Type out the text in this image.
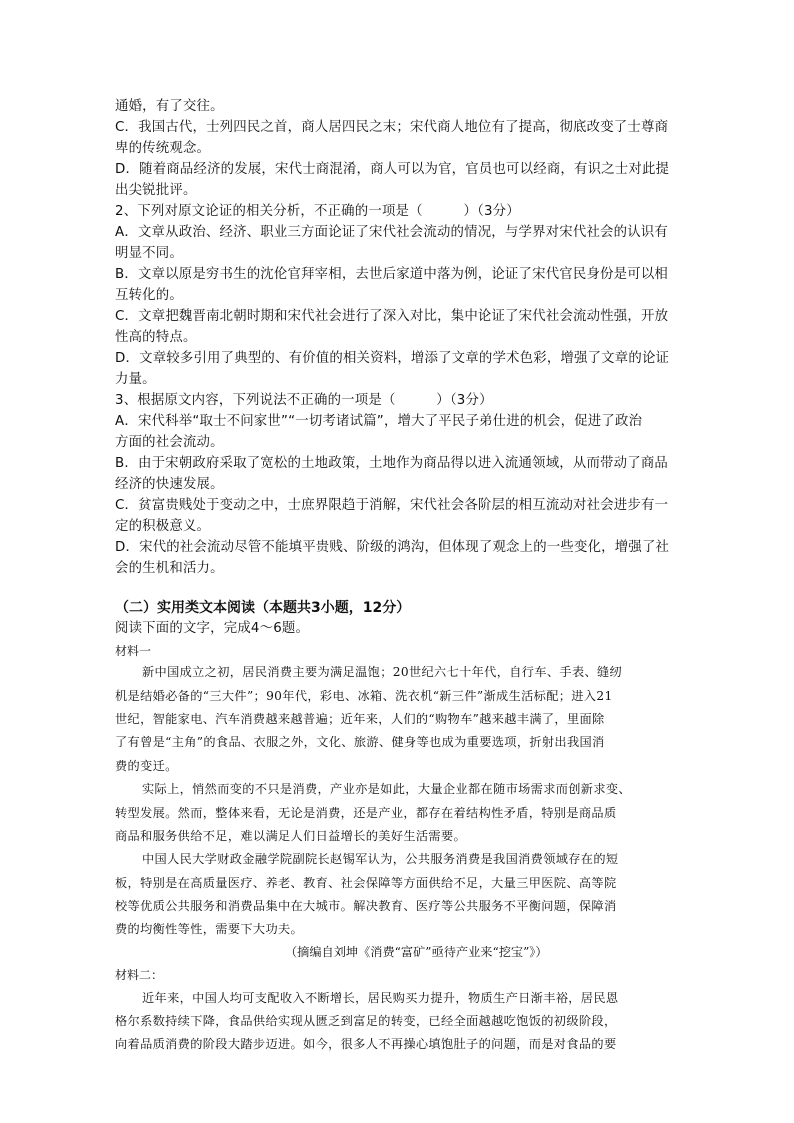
通婚，有了交往。
C．我国古代，士列四民之首，商人居四民之末；宋代商人地位有了提高，彻底改变了士尊商
卑的传统观念。
D．随着商品经济的发展，宋代士商混淆，商人可以为官，官员也可以经商，有识之士对此提
出尖锐批评。
2、下列对原文论证的相关分析，不正确的一项是（　　　）（3分）
A．文章从政治、经济、职业三方面论证了宋代社会流动的情况，与学界对宋代社会的认识有
明显不同。
B．文章以原是穷书生的沈伦官拜宰相，去世后家道中落为例，论证了宋代官民身份是可以相
互转化的。
C．文章把魏晋南北朝时期和宋代社会进行了深入对比，集中论证了宋代社会流动性强，开放
性高的特点。
D．文章较多引用了典型的、有价值的相关资料，增添了文章的学术色彩，增强了文章的论证
力量。
3、根据原文内容，下列说法不正确的一项是（　　　）（3分）
A．宋代科举“取士不问家世”“一切考诸试篇”，增大了平民子弟仕进的机会，促进了政治
方面的社会流动。
B．由于宋朝政府采取了宽松的土地政策，土地作为商品得以进入流通领域，从而带动了商品
经济的快速发展。
C．贫富贵贱处于变动之中，士庶界限趋于消解，宋代社会各阶层的相互流动对社会进步有一
定的积极意义。
D．宋代的社会流动尽管不能填平贵贱、阶级的鸿沟，但体现了观念上的一些变化，增强了社
会的生机和活力。
（二）实用类文本阅读（本题共3小题，12分）
阅读下面的文字，完成4～6题。
材料一
新中国成立之初，居民消费主要为满足温饱；20世纪六七十年代，自行车、手表、缝纫
机是结婚必备的“三大件”；90年代，彩电、冰箱、洗衣机“新三件”渐成生活标配；进入21
世纪，智能家电、汽车消费越来越普遍；近年来，人们的“购物车”越来越丰满了，里面除
了有曾是“主角”的食品、衣服之外，文化、旅游、健身等也成为重要选项，折射出我国消
费的变迁。
实际上，悄然而变的不只是消费，产业亦是如此，大量企业都在随市场需求而创新求变、
转型发展。然而，整体来看，无论是消费，还是产业，都存在着结构性矛盾，特别是商品质
商品和服务供给不足，难以满足人们日益增长的美好生活需要。
中国人民大学财政金融学院副院长赵锡军认为，公共服务消费是我国消费领域存在的短
板，特别是在高质量医疗、养老、教育、社会保障等方面供给不足，大量三甲医院、高等院
校等优质公共服务和消费品集中在大城市。解决教育、医疗等公共服务不平衡问题，保障消
费的均衡性等性，需要下大功夫。
（摘编自刘坤《消费“富矿”亟待产业来“挖宝”》）
材料二：
近年来，中国人均可支配收入不断增长，居民购买力提升，物质生产日渐丰裕，居民恩
格尔系数持续下降，食品供给实现从匮乏到富足的转变，已经全面越越吃饱饭的初级阶段，
向着品质消费的阶段大踏步迈进。如今，很多人不再操心填饱肚子的问题，而是对食品的要
